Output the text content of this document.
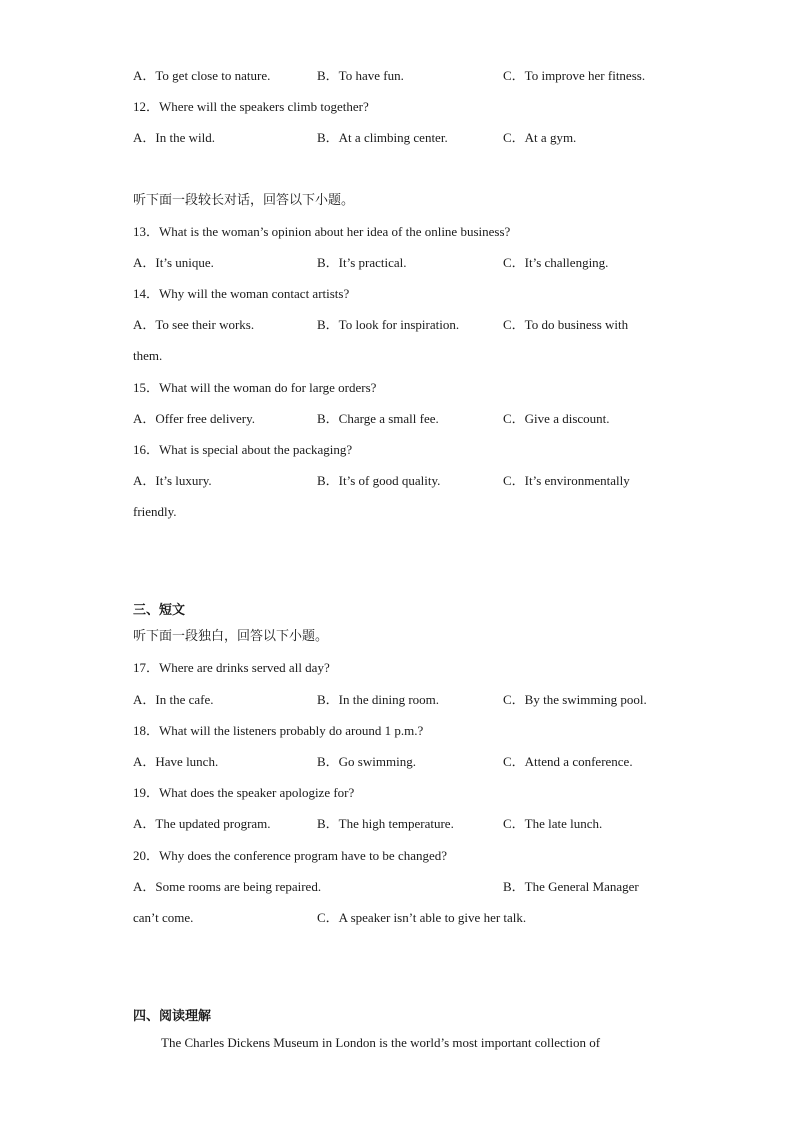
A．To get close to nature.	B．To have fun.	C．To improve her fitness.
12．Where will the speakers climb together?
A．In the wild.	B．At a climbing center.	C．At a gym.
听下面一段较长对话，回答以下小题。
13．What is the woman’s opinion about her idea of the online business?
A．It’s unique.	B．It’s practical.	C．It’s challenging.
14．Why will the woman contact artists?
A．To see their works.	B．To look for inspiration.	C．To do business with
them.
15．What will the woman do for large orders?
A．Offer free delivery.	B．Charge a small fee.	C．Give a discount.
16．What is special about the packaging?
A．It’s luxury.	B．It’s of good quality.	C．It’s environmentally
friendly.
三、短文
听下面一段独白，回答以下小题。
17．Where are drinks served all day?
A．In the cafe.	B．In the dining room.	C．By the swimming pool.
18．What will the listeners probably do around 1 p.m.?
A．Have lunch.	B．Go swimming.	C．Attend a conference.
19．What does the speaker apologize for?
A．The updated program.	B．The high temperature.	C．The late lunch.
20．Why does the conference program have to be changed?
A．Some rooms are being repaired.	B．The General Manager
can’t come.	C．A speaker isn’t able to give her talk.
四、阅读理解
The Charles Dickens Museum in London is the world’s most important collection of
